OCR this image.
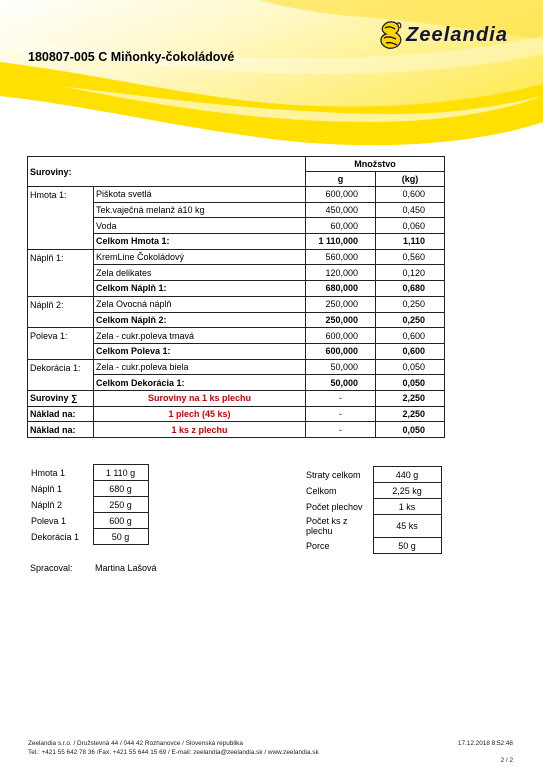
180807-005 C Miňonky-čokoládové
Zeelandia
Suroviny:		Množstvo	
		g	(kg)
Hmota 1:	Piškota svetlá	600,000	0,600
	Tek.vaječná melanž á10 kg	450,000	0,450
	Voda	60,000	0,060
	Celkom Hmota 1:	1 110,000	1,110
Náplň 1:	KremLine Čokoládový	560,000	0,560
	Zela delikates	120,000	0,120
	Celkom Náplň 1:	680,000	0,680
Náplň 2:	Zela Ovocná náplň	250,000	0,250
	Celkom Náplň 2:	250,000	0,250
Poleva 1:	Zela - cukr.poleva tmavá	600,000	0,600
	Celkom Poleva 1:	600,000	0,600
Dekorácia 1:	Zela - cukr.poleva biela	50,000	0,050
	Celkom Dekorácia 1:	50,000	0,050
Suroviny ∑	Suroviny na 1 ks plechu	-	2,250
Náklad na:	1 plech (45 ks)	-	2,250
Náklad na:	1 ks z plechu	-	0,050
Hmota 1	1 110 g
Náplň 1	680 g
Náplň 2	250 g
Poleva 1	600 g
Dekorácia 1	50 g
Straty celkom	440 g
Celkom	2,25 kg
Počet plechov	1 ks
Počet ks z plechu	45 ks
Porce	50 g
Spracoval: Martina Lašová
Zeelandia s.r.o. / Družstevná 44 / 044 42 Rozhanovce / Slovenská republika
Tel.: +421 55 642 78 36 /Fax: +421 55 644 15 69 / E-mail: zeelandia@zeelandia.sk / www.zeelandia.sk
17.12.2018 8:52:48
2 / 2
